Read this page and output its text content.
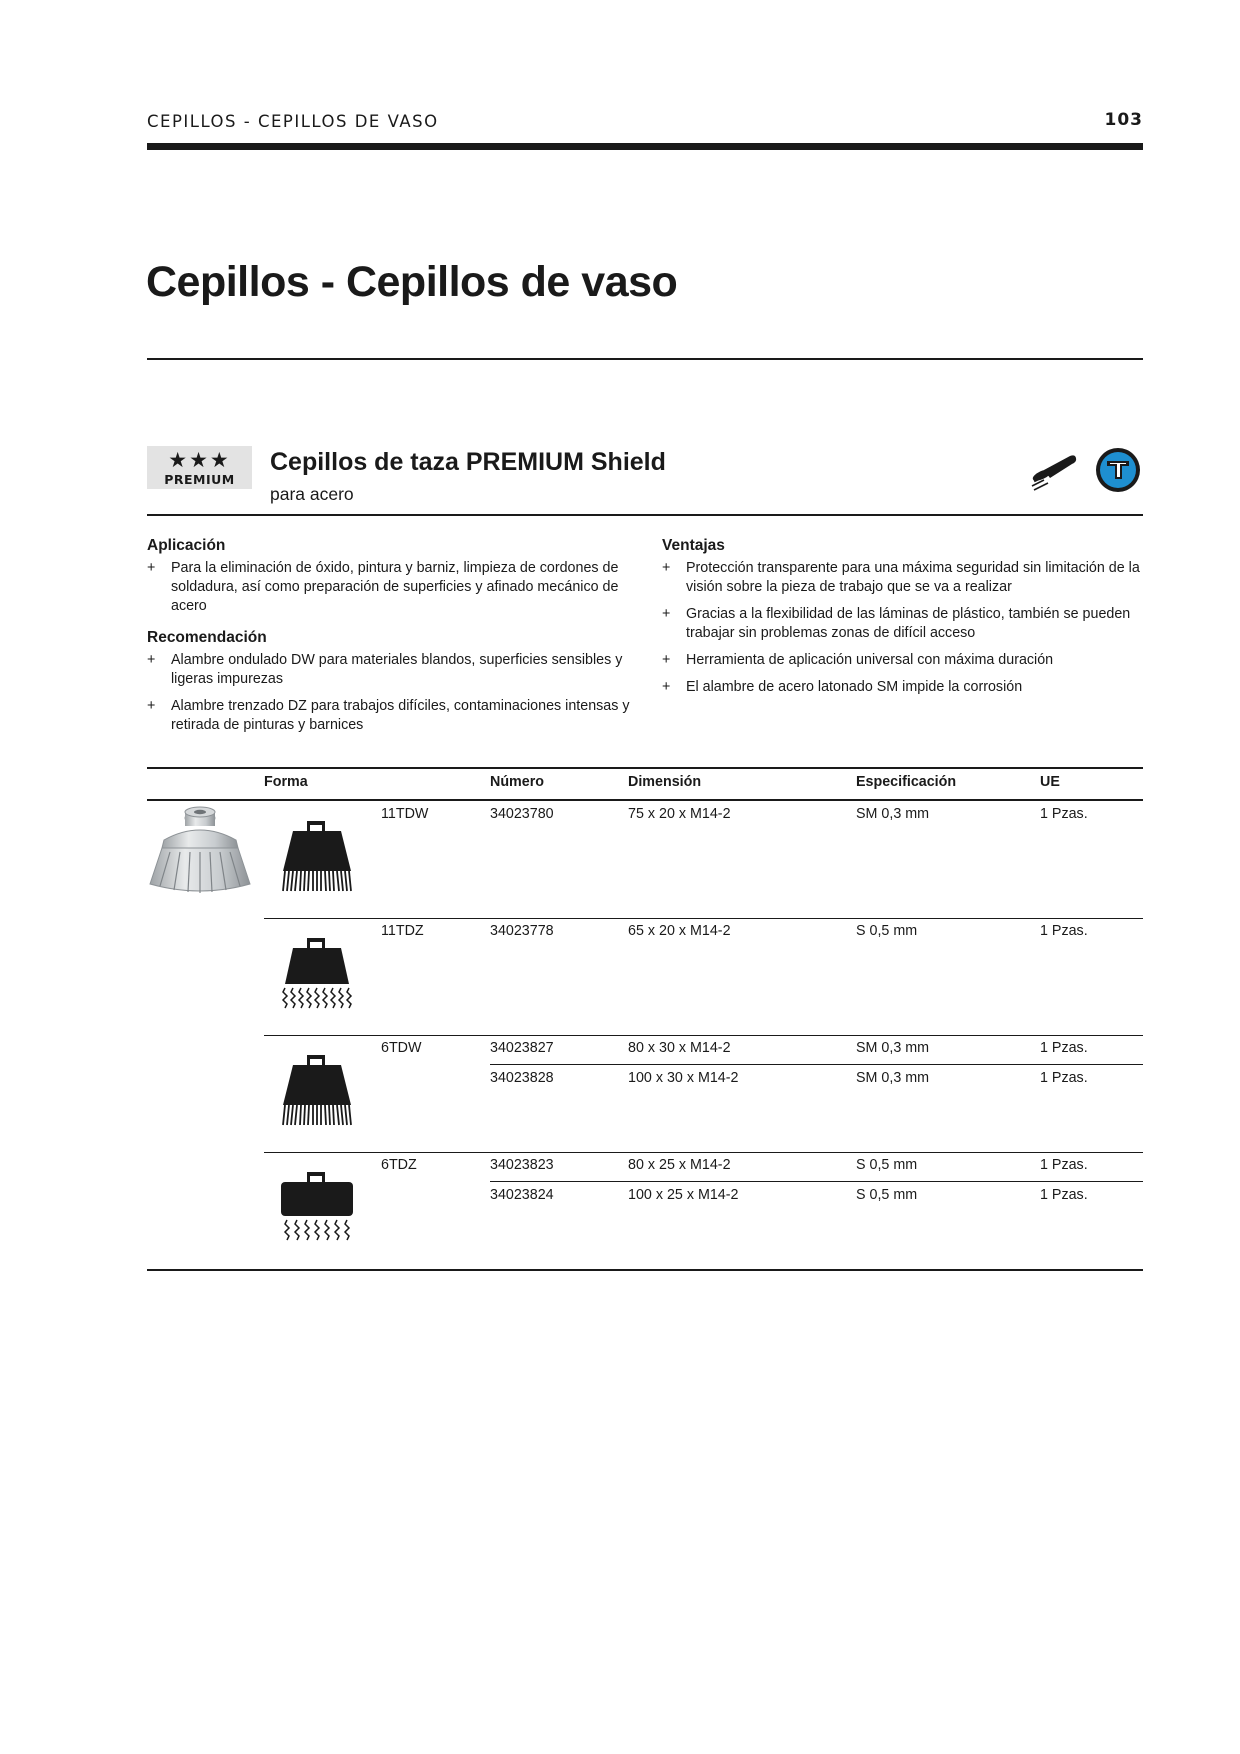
CEPILLOS - CEPILLOS DE VASO	103
Cepillos - Cepillos de vaso
★★★
PREMIUM
Cepillos de taza PREMIUM Shield
para acero
Aplicación
+ Para la eliminación de óxido, pintura y barniz, limpieza de cordones de soldadura, así como preparación de superficies y afinado mecánico de acero
Recomendación
+ Alambre ondulado DW para materiales blandos, superficies sensibles y ligeras impurezas
+ Alambre trenzado DZ para trabajos difíciles, contaminaciones intensas y retirada de pinturas y barnices
Ventajas
+ Protección transparente para una máxima seguridad sin limitación de la visión sobre la pieza de trabajo que se va a realizar
+ Gracias a la flexibilidad de las láminas de plástico, también se pueden trabajar sin problemas zonas de difícil acceso
+ Herramienta de aplicación universal con máxima duración
+ El alambre de acero latonado SM impide la corrosión
Forma	Número	Dimensión	Especificación	UE
11TDW	34023780	75 x 20 x M14-2	SM 0,3 mm	1 Pzas.
11TDZ	34023778	65 x 20 x M14-2	S 0,5 mm	1 Pzas.
6TDW	34023827	80 x 30 x M14-2	SM 0,3 mm	1 Pzas.
34023828	100 x 30 x M14-2	SM 0,3 mm	1 Pzas.
6TDZ	34023823	80 x 25 x M14-2	S 0,5 mm	1 Pzas.
34023824	100 x 25 x M14-2	S 0,5 mm	1 Pzas.
